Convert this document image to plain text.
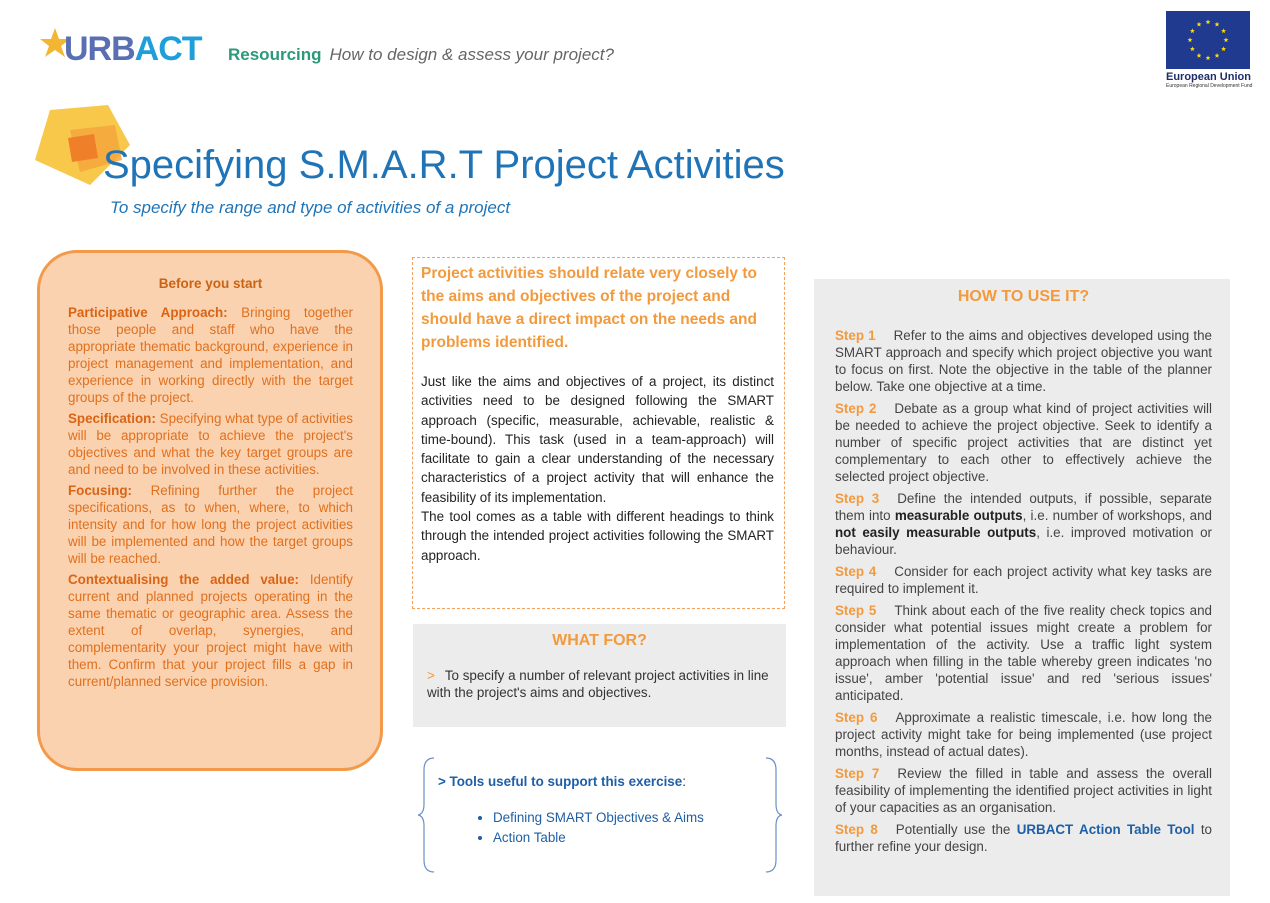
URBACT Resourcing How to design & assess your project?
European Union
European Regional Development Fund
Specifying S.M.A.R.T Project Activities
To specify the range and type of activities of a project
Before you start

Participative Approach: Bringing together those people and staff who have the appropriate thematic background, experience in project management and implementation, and experience in working directly with the target groups of the project.

Specification: Specifying what type of activities will be appropriate to achieve the project's objectives and what the key target groups are and need to be involved in these activities.

Focusing: Refining further the project specifications, as to when, where, to which intensity and for how long the project activities will be implemented and how the target groups will be reached.

Contextualising the added value: Identify current and planned projects operating in the same thematic or geographic area. Assess the extent of overlap, synergies, and complementarity your project might have with them. Confirm that your project fills a gap in current/planned service provision.

Project activities should relate very closely to the aims and objectives of the project and should have a direct impact on the needs and problems identified.

Just like the aims and objectives of a project, its distinct activities need to be designed following the SMART approach (specific, measurable, achievable, realistic & time-bound). This task (used in a team-approach) will facilitate to gain a clear understanding of the necessary characteristics of a project activity that will enhance the feasibility of its implementation.

The tool comes as a table with different headings to think through the intended project activities following the SMART approach.

WHAT FOR?
> To specify a number of relevant project activities in line with the project's aims and objectives.
> Tools useful to support this exercise:
• Defining SMART Objectives & Aims
• Action Table
HOW TO USE IT?

Step 1 Refer to the aims and objectives developed using the SMART approach and specify which project objective you want to focus on first. Note the objective in the table of the planner below. Take one objective at a time.

Step 2 Debate as a group what kind of project activities will be needed to achieve the project objective. Seek to identify a number of specific project activities that are distinct yet complementary to each other to effectively achieve the selected project objective.

Step 3 Define the intended outputs, if possible, separate them into measurable outputs, i.e. number of workshops, and not easily measurable outputs, i.e. improved motivation or behaviour.

Step 4 Consider for each project activity what key tasks are required to implement it.

Step 5 Think about each of the five reality check topics and consider what potential issues might create a problem for implementation of the activity. Use a traffic light system approach when filling in the table whereby green indicates 'no issue', amber 'potential issue' and red 'serious issues' anticipated.

Step 6 Approximate a realistic timescale, i.e. how long the project activity might take for being implemented (use project months, instead of actual dates).

Step 7 Review the filled in table and assess the overall feasibility of implementing the identified project activities in light of your capacities as an organisation.

Step 8 Potentially use the URBACT Action Table Tool to further refine your design.
